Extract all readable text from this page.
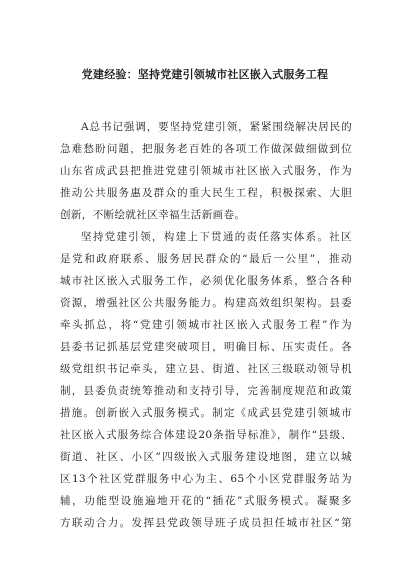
党建经验：坚持党建引领城市社区嵌入式服务工程
A总书记强调，要坚持党建引领，紧紧围绕解决居民的
急难愁盼问题，把服务老百姓的各项工作做深做细做到位
山东省成武县把推进党建引领城市社区嵌入式服务，作为
推动公共服务惠及群众的重大民生工程，积极探索、大胆
创新，不断绘就社区幸福生活新画卷。
坚持党建引领，构建上下贯通的责任落实体系。社区
是党和政府联系、服务居民群众的“最后一公里”，推动
城市社区嵌入式服务工作，必须优化服务体系，整合各种
资源，增强社区公共服务能力。构建高效组织架构。县委
牵头抓总，将“党建引领城市社区嵌入式服务工程”作为
县委书记抓基层党建突破项目，明确目标、压实责任。各
级党组织书记牵头，建立县、街道、社区三级联动领导机
制，县委负责统筹推动和支持引导，完善制度规范和政策
措施。创新嵌入式服务模式。制定《成武县党建引领城市
社区嵌入式服务综合体建设20条指导标准》，制作“县级、
街道、社区、小区”四级嵌入式服务建设地图，建立以城
区13个社区党群服务中心为主、65个小区党群服务站为
辅，功能型设施遍地开花的“插花”式服务模式。凝聚多
方联动合力。发挥县党政领导班子成员担任城市社区“第
